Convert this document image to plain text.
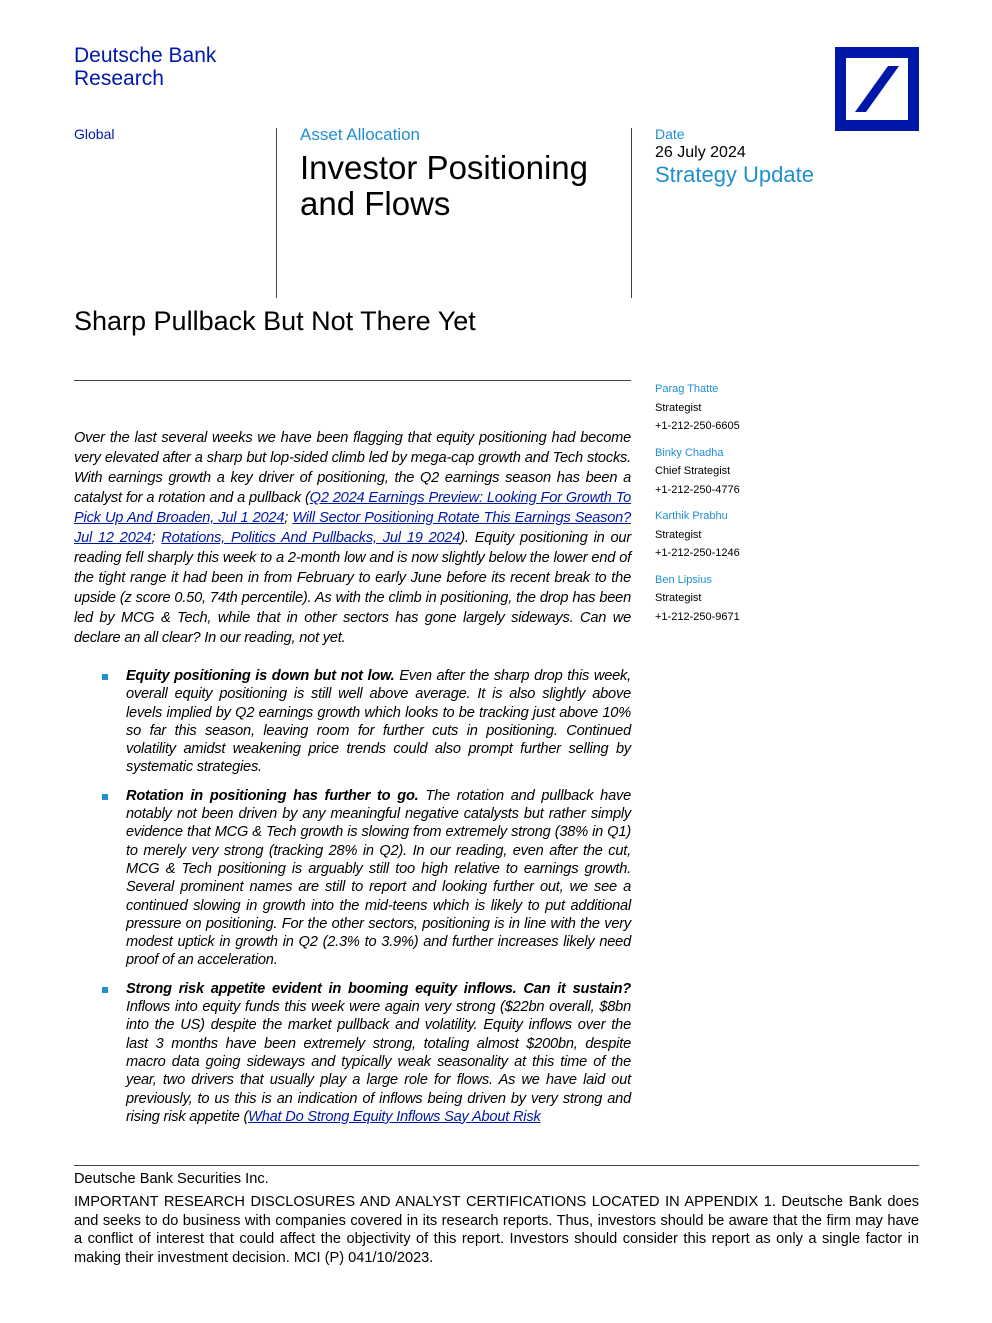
Deutsche Bank
Research
Global	Asset Allocation
Investor Positioning and Flows
Date
26 July 2024
Strategy Update
Sharp Pullback But Not There Yet
Parag Thatte
Strategist
+1-212-250-6605
Binky Chadha
Chief Strategist
+1-212-250-4776
Karthik Prabhu
Strategist
+1-212-250-1246
Ben Lipsius
Strategist
+1-212-250-9671
Over the last several weeks we have been flagging that equity positioning had become very elevated after a sharp but lop-sided climb led by mega-cap growth and Tech stocks. With earnings growth a key driver of positioning, the Q2 earnings season has been a catalyst for a rotation and a pullback (Q2 2024 Earnings Preview: Looking For Growth To Pick Up And Broaden, Jul 1 2024; Will Sector Positioning Rotate This Earnings Season? Jul 12 2024; Rotations, Politics And Pullbacks, Jul 19 2024). Equity positioning in our reading fell sharply this week to a 2-month low and is now slightly below the lower end of the tight range it had been in from February to early June before its recent break to the upside (z score 0.50, 74th percentile). As with the climb in positioning, the drop has been led by MCG & Tech, while that in other sectors has gone largely sideways. Can we declare an all clear? In our reading, not yet.
Equity positioning is down but not low. Even after the sharp drop this week, overall equity positioning is still well above average. It is also slightly above levels implied by Q2 earnings growth which looks to be tracking just above 10% so far this season, leaving room for further cuts in positioning. Continued volatility amidst weakening price trends could also prompt further selling by systematic strategies.
Rotation in positioning has further to go. The rotation and pullback have notably not been driven by any meaningful negative catalysts but rather simply evidence that MCG & Tech growth is slowing from extremely strong (38% in Q1) to merely very strong (tracking 28% in Q2). In our reading, even after the cut, MCG & Tech positioning is arguably still too high relative to earnings growth. Several prominent names are still to report and looking further out, we see a continued slowing in growth into the mid-teens which is likely to put additional pressure on positioning. For the other sectors, positioning is in line with the very modest uptick in growth in Q2 (2.3% to 3.9%) and further increases likely need proof of an acceleration.
Strong risk appetite evident in booming equity inflows. Can it sustain? Inflows into equity funds this week were again very strong ($22bn overall, $8bn into the US) despite the market pullback and volatility. Equity inflows over the last 3 months have been extremely strong, totaling almost $200bn, despite macro data going sideways and typically weak seasonality at this time of the year, two drivers that usually play a large role for flows. As we have laid out previously, to us this is an indication of inflows being driven by very strong and rising risk appetite (What Do Strong Equity Inflows Say About Risk
Deutsche Bank Securities Inc.
IMPORTANT RESEARCH DISCLOSURES AND ANALYST CERTIFICATIONS LOCATED IN APPENDIX 1. Deutsche Bank does and seeks to do business with companies covered in its research reports. Thus, investors should be aware that the firm may have a conflict of interest that could affect the objectivity of this report. Investors should consider this report as only a single factor in making their investment decision. MCI (P) 041/10/2023.
